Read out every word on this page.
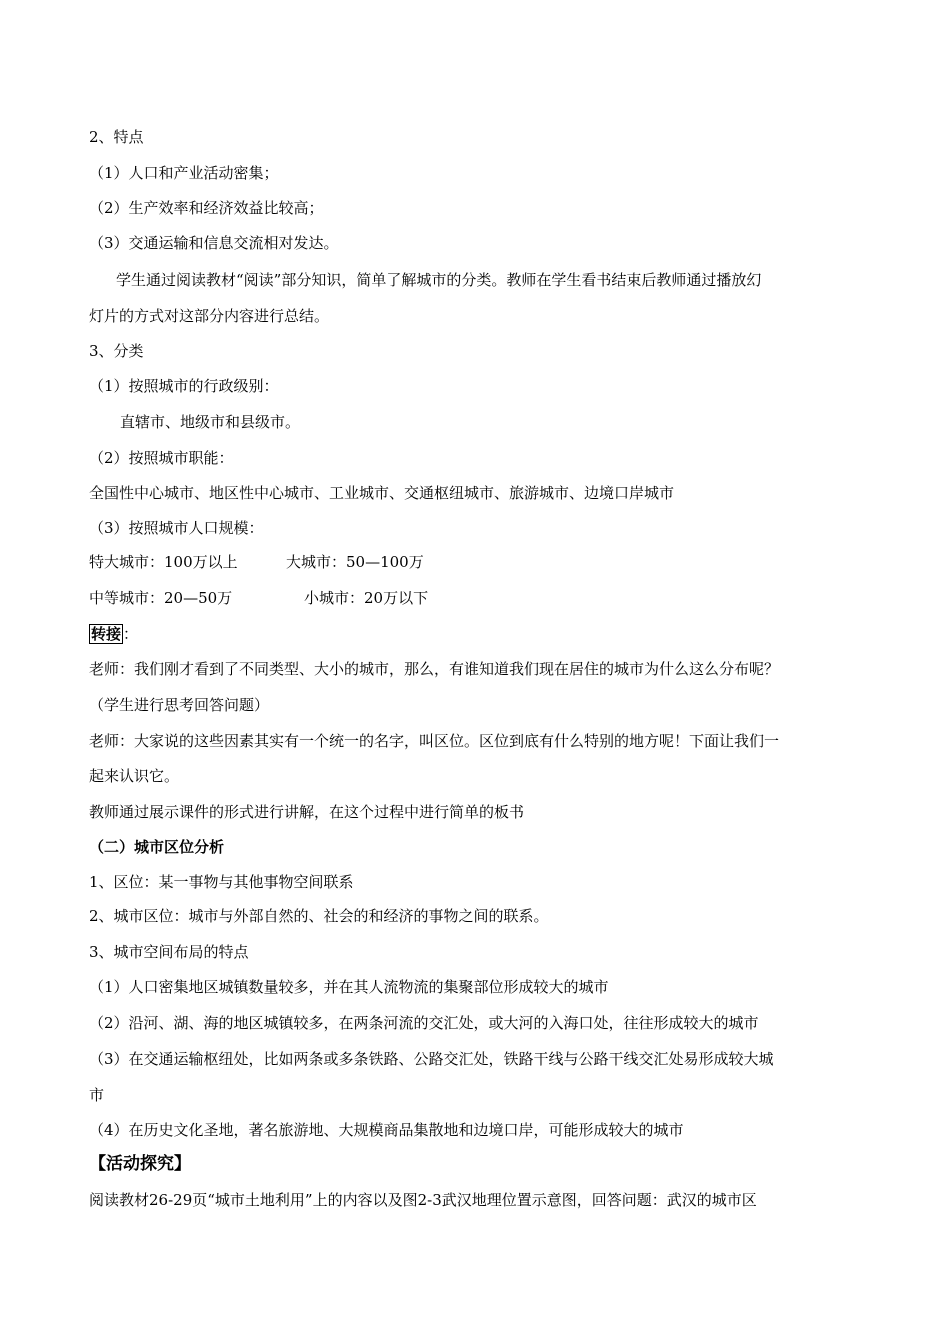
2、特点
（1）人口和产业活动密集；
（2）生产效率和经济效益比较高；
（3）交通运输和信息交流相对发达。
学生通过阅读教材“阅读”部分知识，简单了解城市的分类。教师在学生看书结束后教师通过播放幻
灯片的方式对这部分内容进行总结。
3、分类
（1）按照城市的行政级别：
直辖市、地级市和县级市。
（2）按照城市职能：
全国性中心城市、地区性中心城市、工业城市、交通枢纽城市、旅游城市、边境口岸城市
（3）按照城市人口规模：
特大城市：100万以上	大城市：50—100万
中等城市：20—50万	小城市：20万以下
转接 ：
老师：我们刚才看到了不同类型、大小的城市，那么，有谁知道我们现在居住的城市为什么这么分布呢？
（学生进行思考回答问题）
老师：大家说的这些因素其实有一个统一的名字，叫区位。区位到底有什么特别的地方呢！下面让我们一
起来认识它。
教师通过展示课件的形式进行讲解，在这个过程中进行简单的板书
（二）城市区位分析
1、区位：某一事物与其他事物空间联系
2、城市区位：城市与外部自然的、社会的和经济的事物之间的联系。
3、城市空间布局的特点
（1）人口密集地区城镇数量较多，并在其人流物流的集聚部位形成较大的城市
（2）沿河、湖、海的地区城镇较多，在两条河流的交汇处，或大河的入海口处，往往形成较大的城市
（3）在交通运输枢纽处，比如两条或多条铁路、公路交汇处，铁路干线与公路干线交汇处易形成较大城
市
（4）在历史文化圣地，著名旅游地、大规模商品集散地和边境口岸，可能形成较大的城市
【活动探究】
阅读教材26-29页“城市土地利用”上的内容以及图2-3武汉地理位置示意图，回答问题：武汉的城市区
